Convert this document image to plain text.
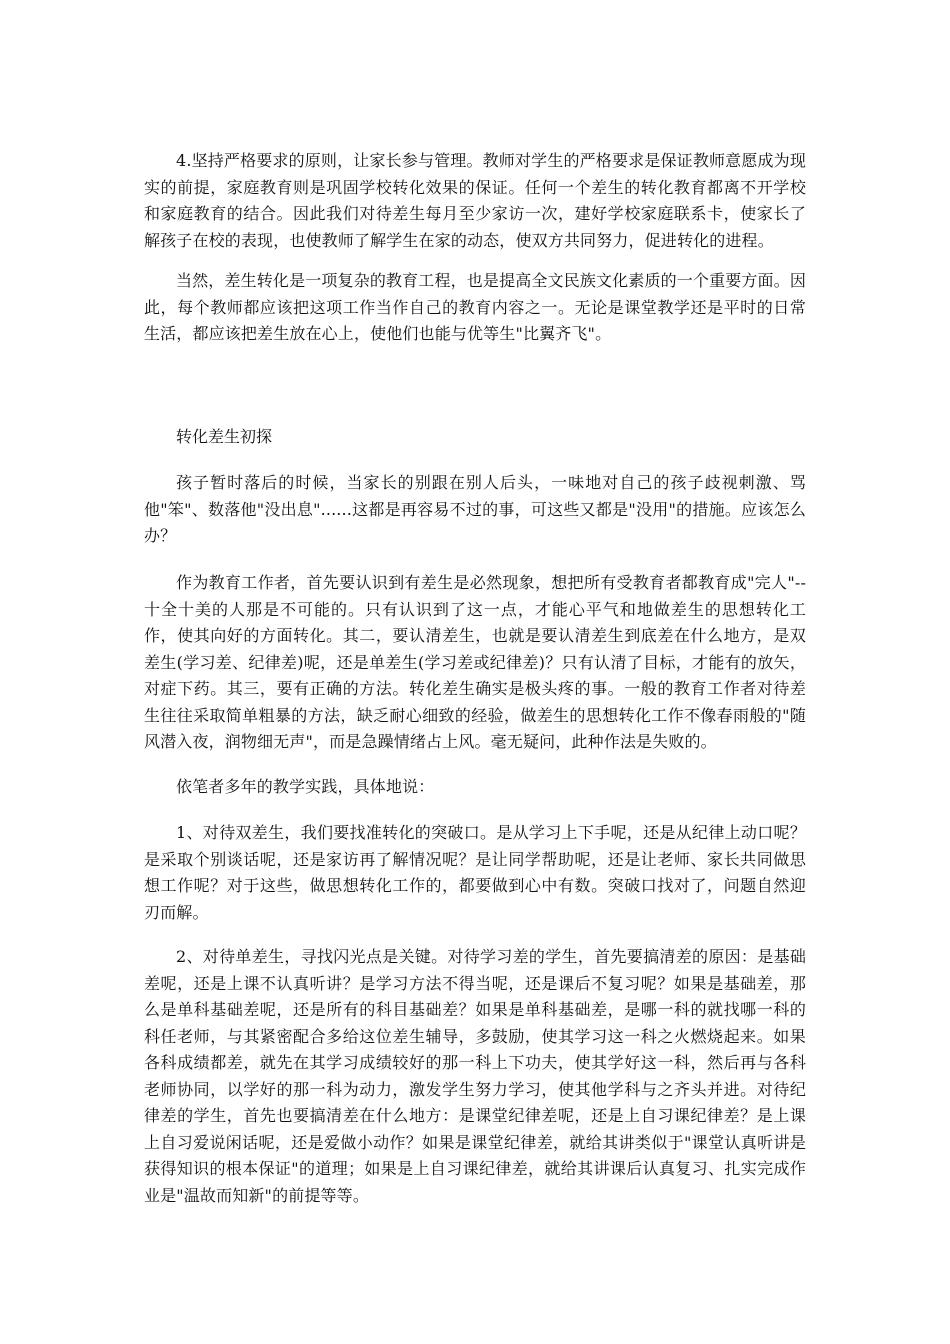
4.坚持严格要求的原则，让家长参与管理。教师对学生的严格要求是保证教师意愿成为现实的前提，家庭教育则是巩固学校转化效果的保证。任何一个差生的转化教育都离不开学校和家庭教育的结合。因此我们对待差生每月至少家访一次，建好学校家庭联系卡，使家长了解孩子在校的表现，也使教师了解学生在家的动态，使双方共同努力，促进转化的进程。

当然，差生转化是一项复杂的教育工程，也是提高全文民族文化素质的一个重要方面。因此，每个教师都应该把这项工作当作自己的教育内容之一。无论是课堂教学还是平时的日常生活，都应该把差生放在心上，使他们也能与优等生"比翼齐飞"。

转化差生初探

孩子暂时落后的时候，当家长的别跟在别人后头，一味地对自己的孩子歧视刺激、骂他"笨"、数落他"没出息"......这都是再容易不过的事，可这些又都是"没用"的措施。应该怎么办？

作为教育工作者，首先要认识到有差生是必然现象，想把所有受教育者都教育成"完人"--十全十美的人那是不可能的。只有认识到了这一点，才能心平气和地做差生的思想转化工作，使其向好的方面转化。其二，要认清差生，也就是要认清差生到底差在什么地方，是双差生(学习差、纪律差)呢，还是单差生(学习差或纪律差)？只有认清了目标，才能有的放矢，对症下药。其三，要有正确的方法。转化差生确实是极头疼的事。一般的教育工作者对待差生往往采取简单粗暴的方法，缺乏耐心细致的经验，做差生的思想转化工作不像春雨般的"随风潜入夜，润物细无声"，而是急躁情绪占上风。毫无疑问，此种作法是失败的。

依笔者多年的教学实践，具体地说：

1、对待双差生，我们要找准转化的突破口。是从学习上下手呢，还是从纪律上动口呢？是采取个别谈话呢，还是家访再了解情况呢？是让同学帮助呢，还是让老师、家长共同做思想工作呢？对于这些，做思想转化工作的，都要做到心中有数。突破口找对了，问题自然迎刃而解。

2、对待单差生，寻找闪光点是关键。对待学习差的学生，首先要搞清差的原因：是基础差呢，还是上课不认真听讲？是学习方法不得当呢，还是课后不复习呢？如果是基础差，那么是单科基础差呢，还是所有的科目基础差？如果是单科基础差，是哪一科的就找哪一科的科任老师，与其紧密配合多给这位差生辅导，多鼓励，使其学习这一科之火燃烧起来。如果各科成绩都差，就先在其学习成绩较好的那一科上下功夫，使其学好这一科，然后再与各科老师协同，以学好的那一科为动力，激发学生努力学习，使其他学科与之齐头并进。对待纪律差的学生，首先也要搞清差在什么地方：是课堂纪律差呢，还是上自习课纪律差？是上课上自习爱说闲话呢，还是爱做小动作？如果是课堂纪律差，就给其讲类似于"课堂认真听讲是获得知识的根本保证"的道理；如果是上自习课纪律差，就给其讲课后认真复习、扎实完成作业是"温故而知新"的前提等等。
